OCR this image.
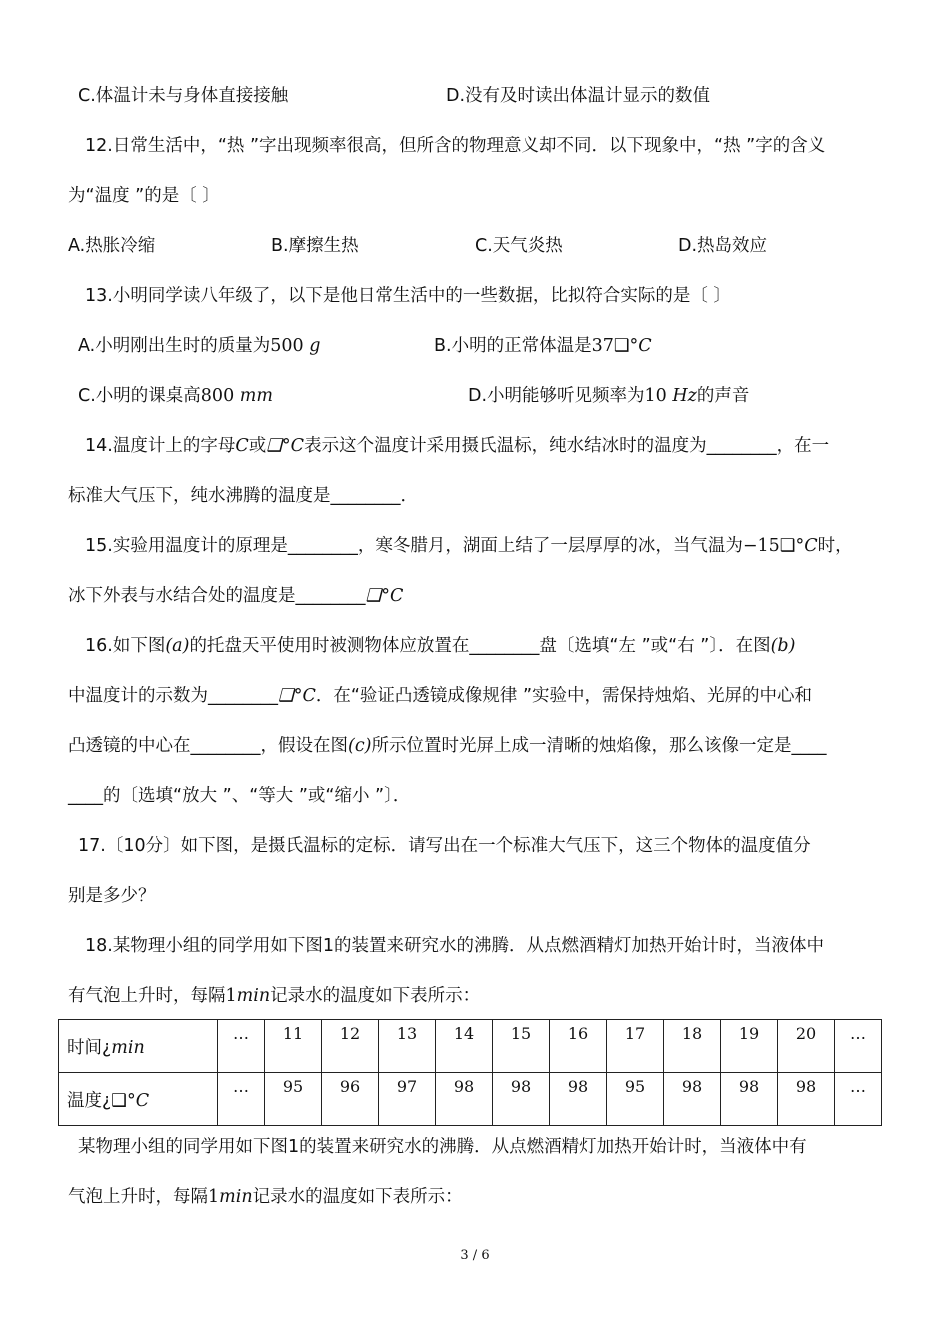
C.体温计未与身体直接接触	D.没有及时读出体温计显示的数值
12.日常生活中，“热 ”字出现频率很高，但所含的物理意义却不同．以下现象中，“热 ”字的含义
为“温度 ”的是〔 〕
A.热胀冷缩	B.摩擦生热	C.天气炎热	D.热岛效应
13.小明同学读八年级了，以下是他日常生活中的一些数据，比拟符合实际的是〔 〕
A.小明刚出生时的质量为500 g	B.小明的正常体温是37❑°C
C.小明的课桌高800 mm	D.小明能够听见频率为10 Hz的声音
14.温度计上的字母C或❑°C表示这个温度计采用摄氏温标，纯水结冰时的温度为________，在一
标准大气压下，纯水沸腾的温度是________．
15.实验用温度计的原理是________，寒冬腊月，湖面上结了一层厚厚的冰，当气温为−15❑°C时，
冰下外表与水结合处的温度是________❑°C
16.如下图(a)的托盘天平使用时被测物体应放置在________盘〔选填“左 ”或“右 ”〕．在图(b)
中温度计的示数为________❑°C．在“验证凸透镜成像规律 ”实验中，需保持烛焰、光屏的中心和
凸透镜的中心在________，假设在图(c)所示位置时光屏上成一清晰的烛焰像，那么该像一定是____
____的〔选填“放大 ”、“等大 ”或“缩小 ”〕．
17.〔10分〕如下图，是摄氏温标的定标．请写出在一个标准大气压下，这三个物体的温度值分
别是多少？
18.某物理小组的同学用如下图1的装置来研究水的沸腾．从点燃酒精灯加热开始计时，当液体中
有气泡上升时，每隔1min记录水的温度如下表所示：
时间¿min	…	11	12	13	14	15	16	17	18	19	20	…
温度¿❑°C	…	95	96	97	98	98	98	95	98	98	98	…
某物理小组的同学用如下图1的装置来研究水的沸腾．从点燃酒精灯加热开始计时，当液体中有
气泡上升时，每隔1min记录水的温度如下表所示：
3 / 6
